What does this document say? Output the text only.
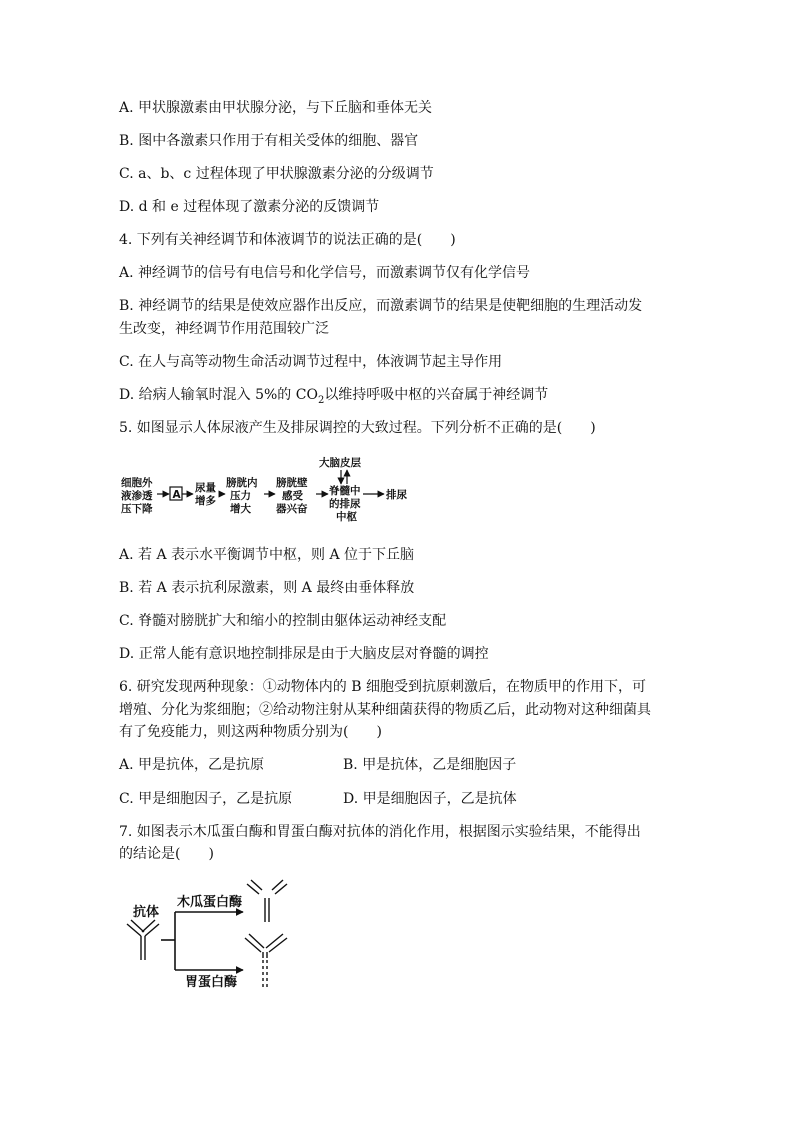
A. 甲状腺激素由甲状腺分泌，与下丘脑和垂体无关
B. 图中各激素只作用于有相关受体的细胞、器官
C. a、b、c 过程体现了甲状腺激素分泌的分级调节
D. d 和 e 过程体现了激素分泌的反馈调节
4. 下列有关神经调节和体液调节的说法正确的是(　　)
A. 神经调节的信号有电信号和化学信号，而激素调节仅有化学信号
B. 神经调节的结果是使效应器作出反应，而激素调节的结果是使靶细胞的生理活动发
生改变，神经调节作用范围较广泛
C. 在人与高等动物生命活动调节过程中，体液调节起主导作用
D. 给病人输氧时混入 5%的 $CO_2$以维持呼吸中枢的兴奋属于神经调节
5. 如图显示人体尿液产生及排尿调控的大致过程。下列分析不正确的是(　　)
细胞外
液渗透
压下降
A
尿量
增多
膀胱内
压力
增大
膀胱壁
感受
器兴奋
大脑皮层
脊髓中
的排尿
中枢
排尿
A. 若 A 表示水平衡调节中枢，则 A 位于下丘脑
B. 若 A 表示抗利尿激素，则 A 最终由垂体释放
C. 脊髓对膀胱扩大和缩小的控制由躯体运动神经支配
D. 正常人能有意识地控制排尿是由于大脑皮层对脊髓的调控
6. 研究发现两种现象：①动物体内的 B 细胞受到抗原刺激后，在物质甲的作用下，可
增殖、分化为浆细胞；②给动物注射从某种细菌获得的物质乙后，此动物对这种细菌具
有了免疫能力，则这两种物质分别为(　　)
A. 甲是抗体，乙是抗原	B. 甲是抗体，乙是细胞因子
C. 甲是细胞因子，乙是抗原	D. 甲是细胞因子，乙是抗体
7. 如图表示木瓜蛋白酶和胃蛋白酶对抗体的消化作用，根据图示实验结果，不能得出
的结论是(　　)
抗体
木瓜蛋白酶
胃蛋白酶
